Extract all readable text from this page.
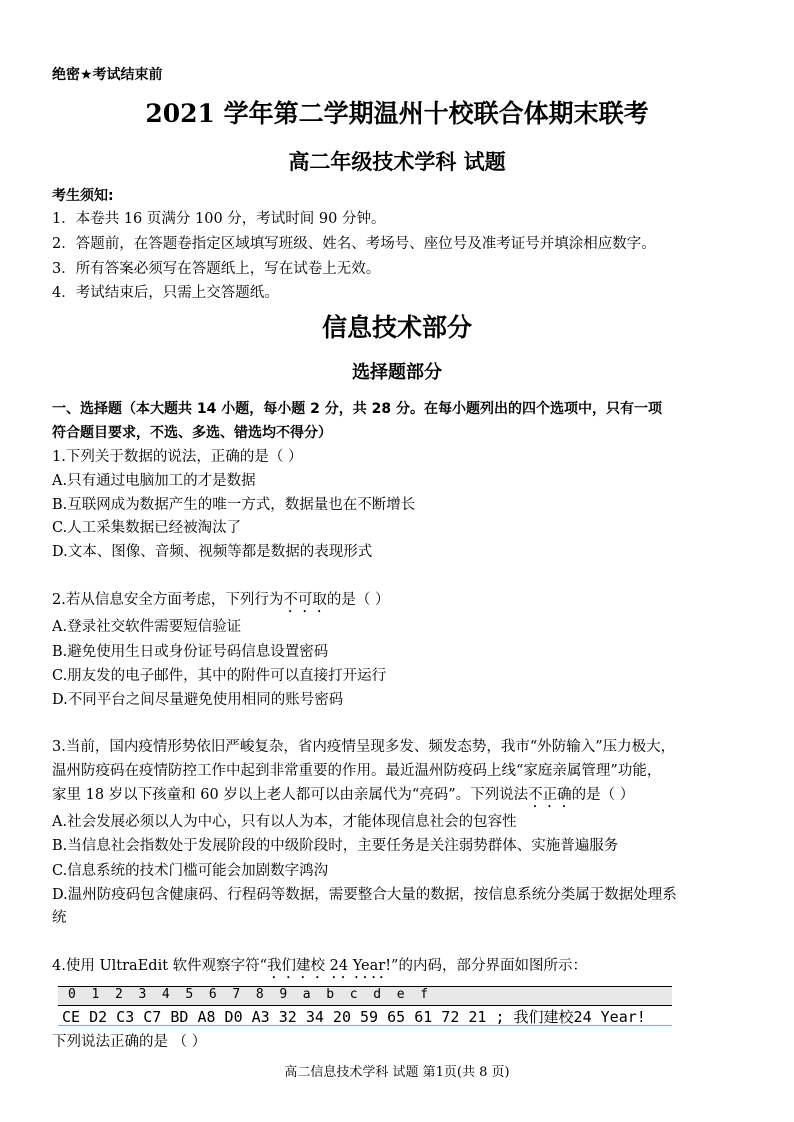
绝密★考试结束前
2021 学年第二学期温州十校联合体期末联考
高二年级技术学科 试题
考生须知:
1．本卷共 16 页满分 100 分，考试时间 90 分钟。
2．答题前，在答题卷指定区域填写班级、姓名、考场号、座位号及准考证号并填涂相应数字。
3．所有答案必须写在答题纸上，写在试卷上无效。
4．考试结束后，只需上交答题纸。
信息技术部分
选择题部分
一、选择题（本大题共 14 小题，每小题 2 分，共 28 分。在每小题列出的四个选项中，只有一项
符合题目要求，不选、多选、错选均不得分）
1.下列关于数据的说法，正确的是（ ）
A.只有通过电脑加工的才是数据
B.互联网成为数据产生的唯一方式，数据量也在不断增长
C.人工采集数据已经被淘汰了
D.文本、图像、音频、视频等都是数据的表现形式
2.若从信息安全方面考虑，下列行为不可取的是（ ）
A.登录社交软件需要短信验证
B.避免使用生日或身份证号码信息设置密码
C.朋友发的电子邮件，其中的附件可以直接打开运行
D.不同平台之间尽量避免使用相同的账号密码
3.当前，国内疫情形势依旧严峻复杂，省内疫情呈现多发、频发态势，我市“外防输入”压力极大，
温州防疫码在疫情防控工作中起到非常重要的作用。最近温州防疫码上线“家庭亲属管理”功能，
家里 18 岁以下孩童和 60 岁以上老人都可以由亲属代为“亮码”。下列说法不正确的是（ ）
A.社会发展必须以人为中心，只有以人为本，才能体现信息社会的包容性
B.当信息社会指数处于发展阶段的中级阶段时，主要任务是关注弱势群体、实施普遍服务
C.信息系统的技术门槛可能会加剧数字鸿沟
D.温州防疫码包含健康码、行程码等数据，需要整合大量的数据，按信息系统分类属于数据处理系
统
4.使用 UltraEdit 软件观察字符“我们建校 24 Year!”的内码，部分界面如图所示：
0  1  2  3  4  5  6  7  8  9  a  b  c  d  e  f
CE D2 C3 C7 BD A8 D0 A3 32 34 20 59 65 61 72 21 ; 我们建校24 Year!
下列说法正确的是 （ ）
高二信息技术学科 试题 第1页(共 8 页)
